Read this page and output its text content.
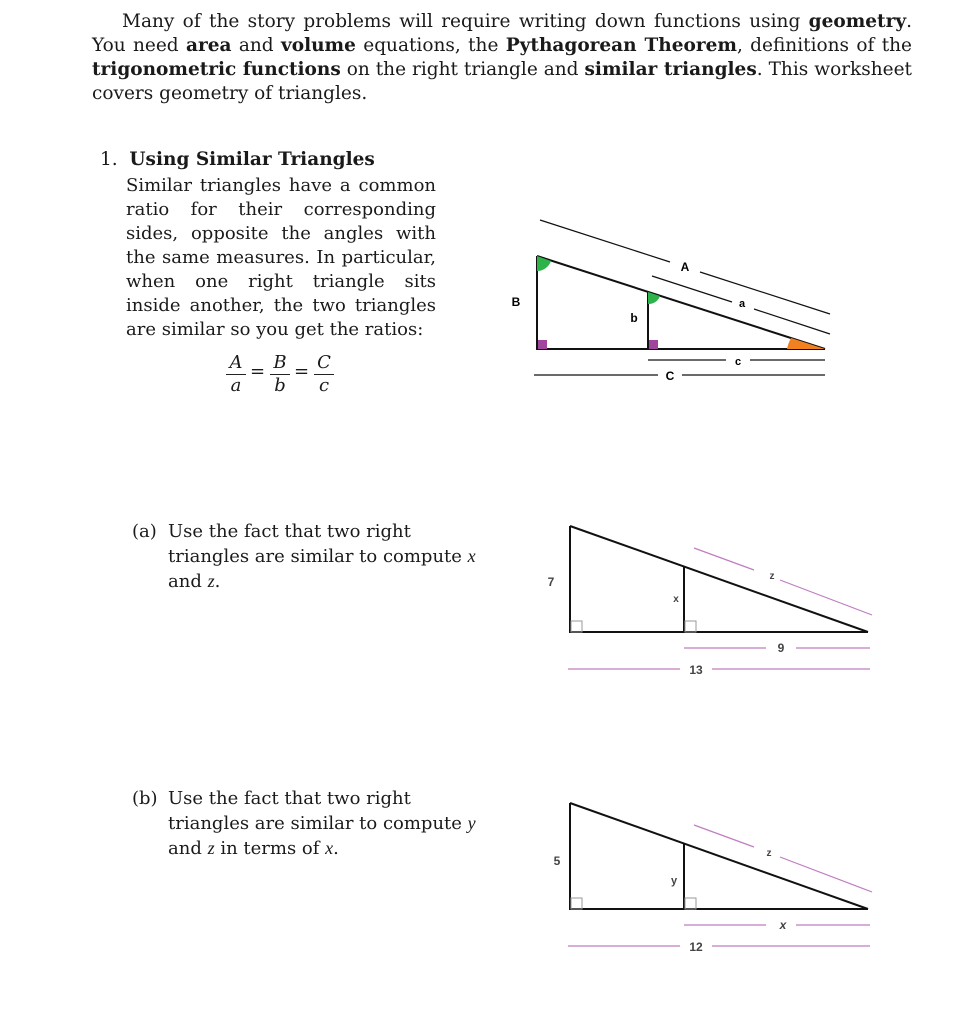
Many of the story problems will require writing down functions using geometry. You need area and volume equations, the Pythagorean Theorem, definitions of the trigonometric functions on the right triangle and similar triangles. This worksheet covers geometry of triangles.

1. Using Similar Triangles
Similar triangles have a common ratio for their corresponding sides, opposite the angles with the same measures. In particular, when one right triangle sits inside another, the two triangles are similar so you get the ratios:
$\frac{A}{a} = \frac{B}{b} = \frac{C}{c}$
A
a
B
b
c
C
(a) Use the fact that two right triangles are similar to compute x and z.	7
x
z
9
13
(b) Use the fact that two right triangles are similar to compute y and z in terms of x.
5
y
z
x
12
